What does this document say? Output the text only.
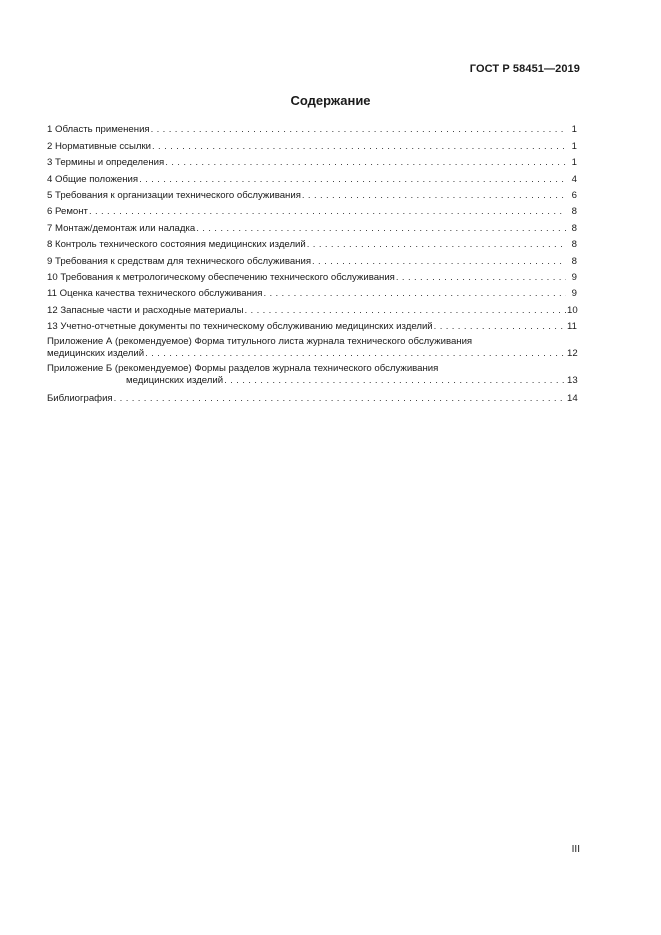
ГОСТ Р 58451—2019
Содержание
1 Область применения . . .	1
2 Нормативные ссылки . . .	1
3 Термины и определения . . .	1
4 Общие положения . . .	4
5 Требования к организации технического обслуживания . . .	6
6 Ремонт . . .	8
7 Монтаж/демонтаж или наладка . . .	8
8 Контроль технического состояния медицинских изделий . . .	8
9 Требования к средствам для технического обслуживания . . .	8
10 Требования к метрологическому обеспечению технического обслуживания . . .	9
11 Оценка качества технического обслуживания . . .	9
12 Запасные части и расходные материалы . . .	10
13 Учетно-отчетные документы по техническому обслуживанию медицинских изделий . . .	11
Приложение А (рекомендуемое) Форма титульного листа журнала технического обслуживания
медицинских изделий . . .	12
Приложение Б (рекомендуемое) Формы разделов журнала технического обслуживания
медицинских изделий . . .	13
Библиография . . .	14
III
